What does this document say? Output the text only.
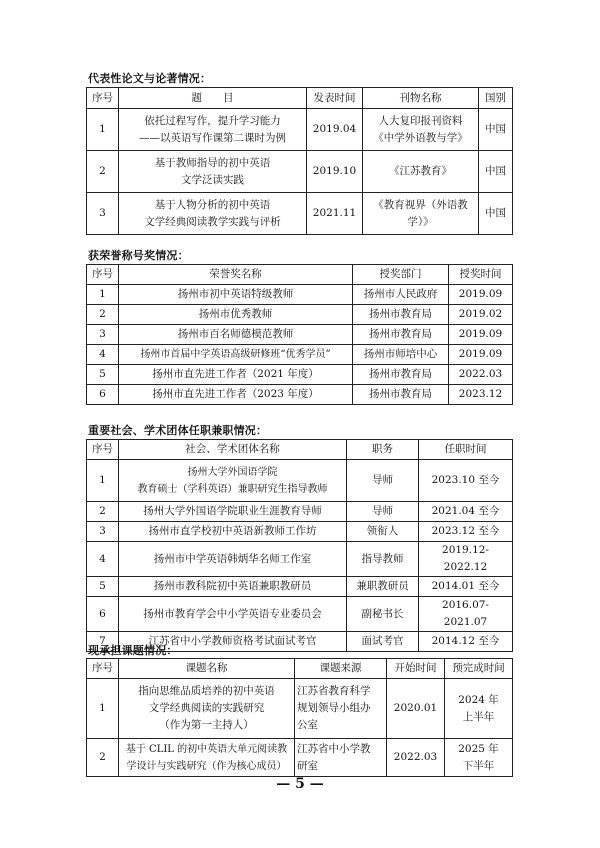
代表性论文与论著情况：
序号	题　　目	发表时间	刊物名称	国别
1	依托过程写作，提升学习能力
——以英语写作课第二课时为例	2019.04	人大复印报刊资料
《中学外语教与学》	中国
2	基于教师指导的初中英语
文学泛读实践	2019.10	《江苏教育》	中国
3	基于人物分析的初中英语
文学经典阅读教学实践与评析	2021.11	《教育视界（外语教学）》	中国
获荣誉称号奖情况：
序号	荣誉奖名称	授奖部门	授奖时间
1	扬州市初中英语特级教师	扬州市人民政府	2019.09
2	扬州市优秀教师	扬州市教育局	2019.02
3	扬州市百名师德模范教师	扬州市教育局	2019.09
4	扬州市首届中学英语高级研修班“优秀学员”	扬州市师培中心	2019.09
5	扬州市直先进工作者（2021 年度）	扬州市教育局	2022.03
6	扬州市直先进工作者（2023 年度）	扬州市教育局	2023.12
重要社会、学术团体任职兼职情况：
序号	社会、学术团体名称	职务	任职时间
1	扬州大学外国语学院
教育硕士（学科英语）兼职研究生指导教师	导师	2023.10 至今
2	扬州大学外国语学院职业生涯教育导师	导师	2021.04 至今
3	扬州市直学校初中英语新教师工作坊	领衔人	2023.12 至今
4	扬州市中学英语韩炳华名师工作室	指导教师	2019.12-2022.12
5	扬州市教科院初中英语兼职教研员	兼职教研员	2014.01 至今
6	扬州市教育学会中小学英语专业委员会	副秘书长	2016.07-2021.07
7	江苏省中小学教师资格考试面试考官	面试考官	2014.12 至今
现承担课题情况：
序号	课题名称	课题来源	开始时间	预完成时间
1	指向思维品质培养的初中英语
文学经典阅读的实践研究
（作为第一主持人）	江苏省教育科学
规划领导小组办
公室	2020.01	2024 年
上半年

2	基于 CLIL 的初中英语大单元阅读教
学设计与实践研究（作为核心成员）	江苏省中小学教
研室	2022.03	2025 年
下半年
— 5 —
